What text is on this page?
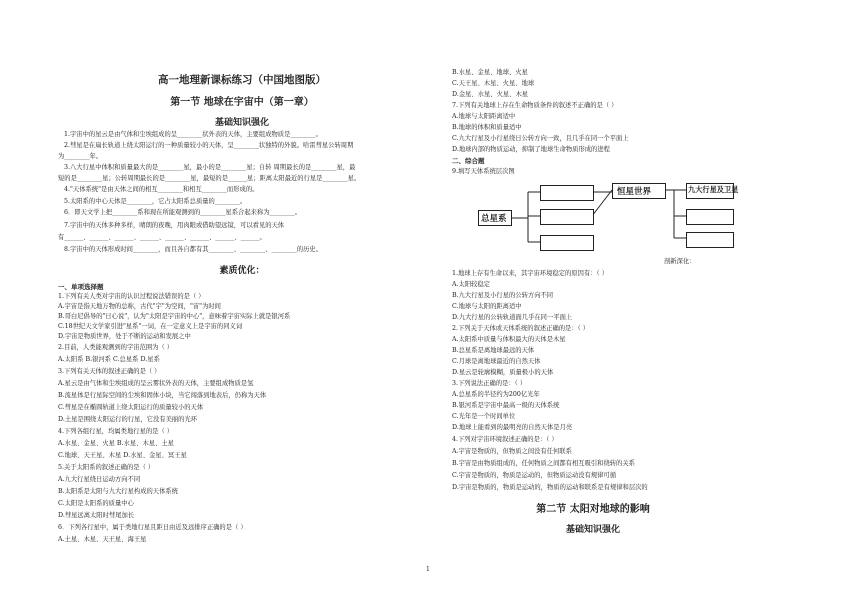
高一地理新课标练习（中国地图版）
第一节 地球在宇宙中（第一章）
基础知识强化
1.宇宙中的星云是由气体和尘埃组成的呈________状外表的天体，主要组成物质是________。
2.彗星是在扁长轨道上绕太阳运行的一种质量较小的天体，呈________状独特的外貌。哈雷彗星公转周期
为________年。
3.八大行星中体积和质量最大的是________星，最小的是________星；自转 周期最长的是________星，最
短的是________星；公转周期最长的是________星，最短的是______星；距离太阳最近的行星是________星。
4."天体系统"是由天体之间的相互________和相互________而形成的。
5.太阳系的中心天体是________，它占太阳系总质量的________。
6．即天文学上把________系和现在所能观测到的________星系合起来称为________。
7.宇宙中的天体多种多样，晴朗的夜晚，用肉眼或借助望远镜，可以看见的天体
有______、______、______、______、______、______、______、______。
8.宇宙中的天体形成时间________，而且各自都有其________、________、________的历史。
素质优化：
一、单项选择题
1.下列有关人类对宇宙的认识过程说法错误的是（ ）
A.宇宙是指天地万物的总称，古代"宇"为空间，"宙"为时间
B.哥白尼倡导的"日心说"，认为"太阳是宇宙的中心"，意味着宇宙实际上就是银河系
C.18世纪天文学家引进"星系"一词，在一定意义上是宇宙的同义词
D.宇宙是物质世界，处于不断的运动和发展之中
2.目前，人类能观测到的宇宙范围为（ ）
A.太阳系 B.银河系 C.总星系 D.星系
3.下列有关天体的叙述正确的是（ ）
A.星云是由气体和尘埃组成的呈云雾状外表的天体，主要组成物质是氢
B.流星体是行星际空间的尘埃和固体小块，当它闯落到地表后，仍称为天体
C.彗星是在椭圆轨道上绕太阳运行的质量较小的天体
D.土星是围绕太阳运行的行星，它没有美丽的光环
4.下列各组行星，均属类地行星的是（ ）
A.水星、金星、火星 B.水星、木星、土星
C.地球、天王星、木星 D.水星、金星、冥王星
5.关于太阳系的叙述正确的是（ ）
A.九大行星绕日运动方向不同
B.太阳系是太阳与九大行星构成的天体系统
C.太阳是太阳系的质量中心
D.彗星远离太阳时彗尾加长
6．下列各行星中，属于类地行星且距日由近及远排序正确的是（ ）
A.土星、木星、天王星、海王星
B.水星、金星、地球、火星
C.天王星、木星、火星、地球
D.金星、水星、火星、木星
7.下列有关地球上存在生命物质条件的叙述不正确的是（ ）
A.地球与太阳距离适中
B.地球的体积和质量适中
C.九大行星及小行星绕日公转方向一致，且几乎在同一个平面上
D.地球内部的物质运动，抑制了地球生命物质形成的进程
二、综合题
9.填写天体系统层次图
总星系
恒星世界	九大行星及卫星
剖新深化：
1.地球上存有生命以来，其宇宙环境稳定的原因有：（ ）
A.太阳较稳定
B.九大行星及小行星的公转方向不同
C.地球与太阳的距离适中
D.九大行星的公转轨道面几乎在同一平面上
2.下列关于天体或天体系统的叙述正确的是：（ ）
A.太阳系中质量与体积最大的天体是木星
B.总星系是离地球最远的天体
C.月球是离地球最近的自然天体
D.星云是轮廓模糊，质量极小的天体
3.下列说法正确的是：（ ）
A.总星系的半径约为200亿光年
B.银河系是宇宙中最高一级的天体系统
C.光年是一个时间单位
D.地球上能看到的最明亮的自然天体是月亮
4.下列对宇宙环境叙述正确的是：（ ）
A.宇宙是物质的，但物质之间没有任何联系
B.宇宙是由物质组成的，任何物质之间都有相互吸引和绕转的关系
C.宇宙是物质的，物质是运动的，但物质运动没有规律可循
D.宇宙是物质的，物质是运动的，物质的运动和联系是有规律和层次的
第二节 太阳对地球的影响
基础知识强化
1
